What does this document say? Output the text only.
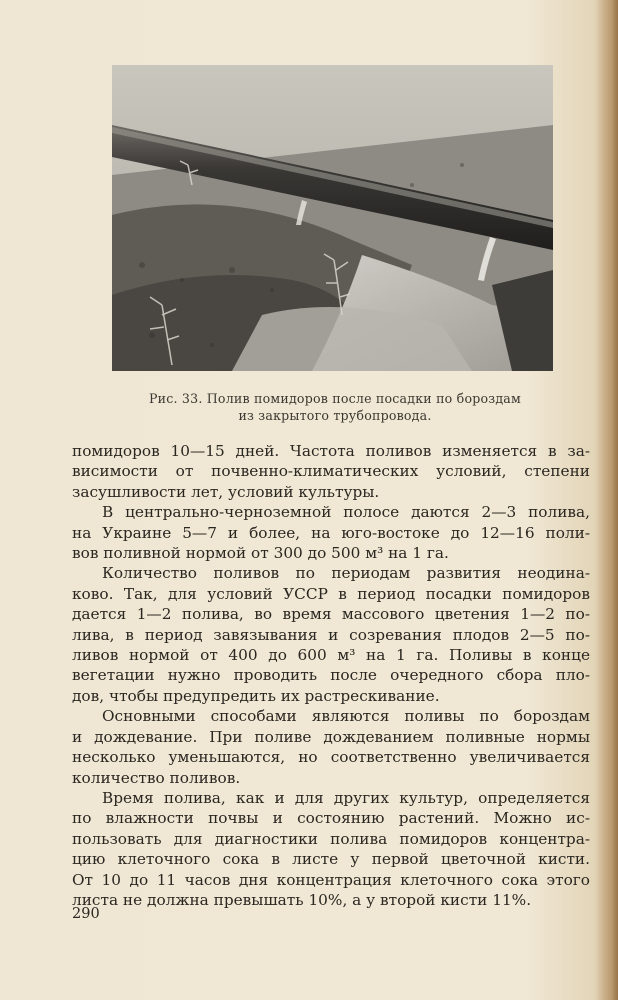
Рис. 33. Полив помидоров после посадки по бороздам
из закрытого трубопровода.
помидоров 10—15 дней. Частота поливов изменяется в за-
висимости от почвенно-климатических условий, степени
засушливости лет, условий культуры.
В центрально-черноземной полосе даются 2—3 полива,
на Украине 5—7 и более, на юго-востоке до 12—16 поли-
вов поливной нормой от 300 до 500 м³ на 1 га.
Количество поливов по периодам развития неодина-
ково. Так, для условий УССР в период посадки помидоров
дается 1—2 полива, во время массового цветения 1—2 по-
лива, в период завязывания и созревания плодов 2—5 по-
ливов нормой от 400 до 600 м³ на 1 га. Поливы в конце
вегетации нужно проводить после очередного сбора пло-
дов, чтобы предупредить их растрескивание.
Основными способами являются поливы по бороздам
и дождевание. При поливе дождеванием поливные нормы
несколько уменьшаются, но соответственно увеличивается
количество поливов.
Время полива, как и для других культур, определяется
по влажности почвы и состоянию растений. Можно ис-
пользовать для диагностики полива помидоров концентра-
цию клеточного сока в листе у первой цветочной кисти.
От 10 до 11 часов дня концентрация клеточного сока этого
листа не должна превышать 10%, а у второй кисти 11%.
290
